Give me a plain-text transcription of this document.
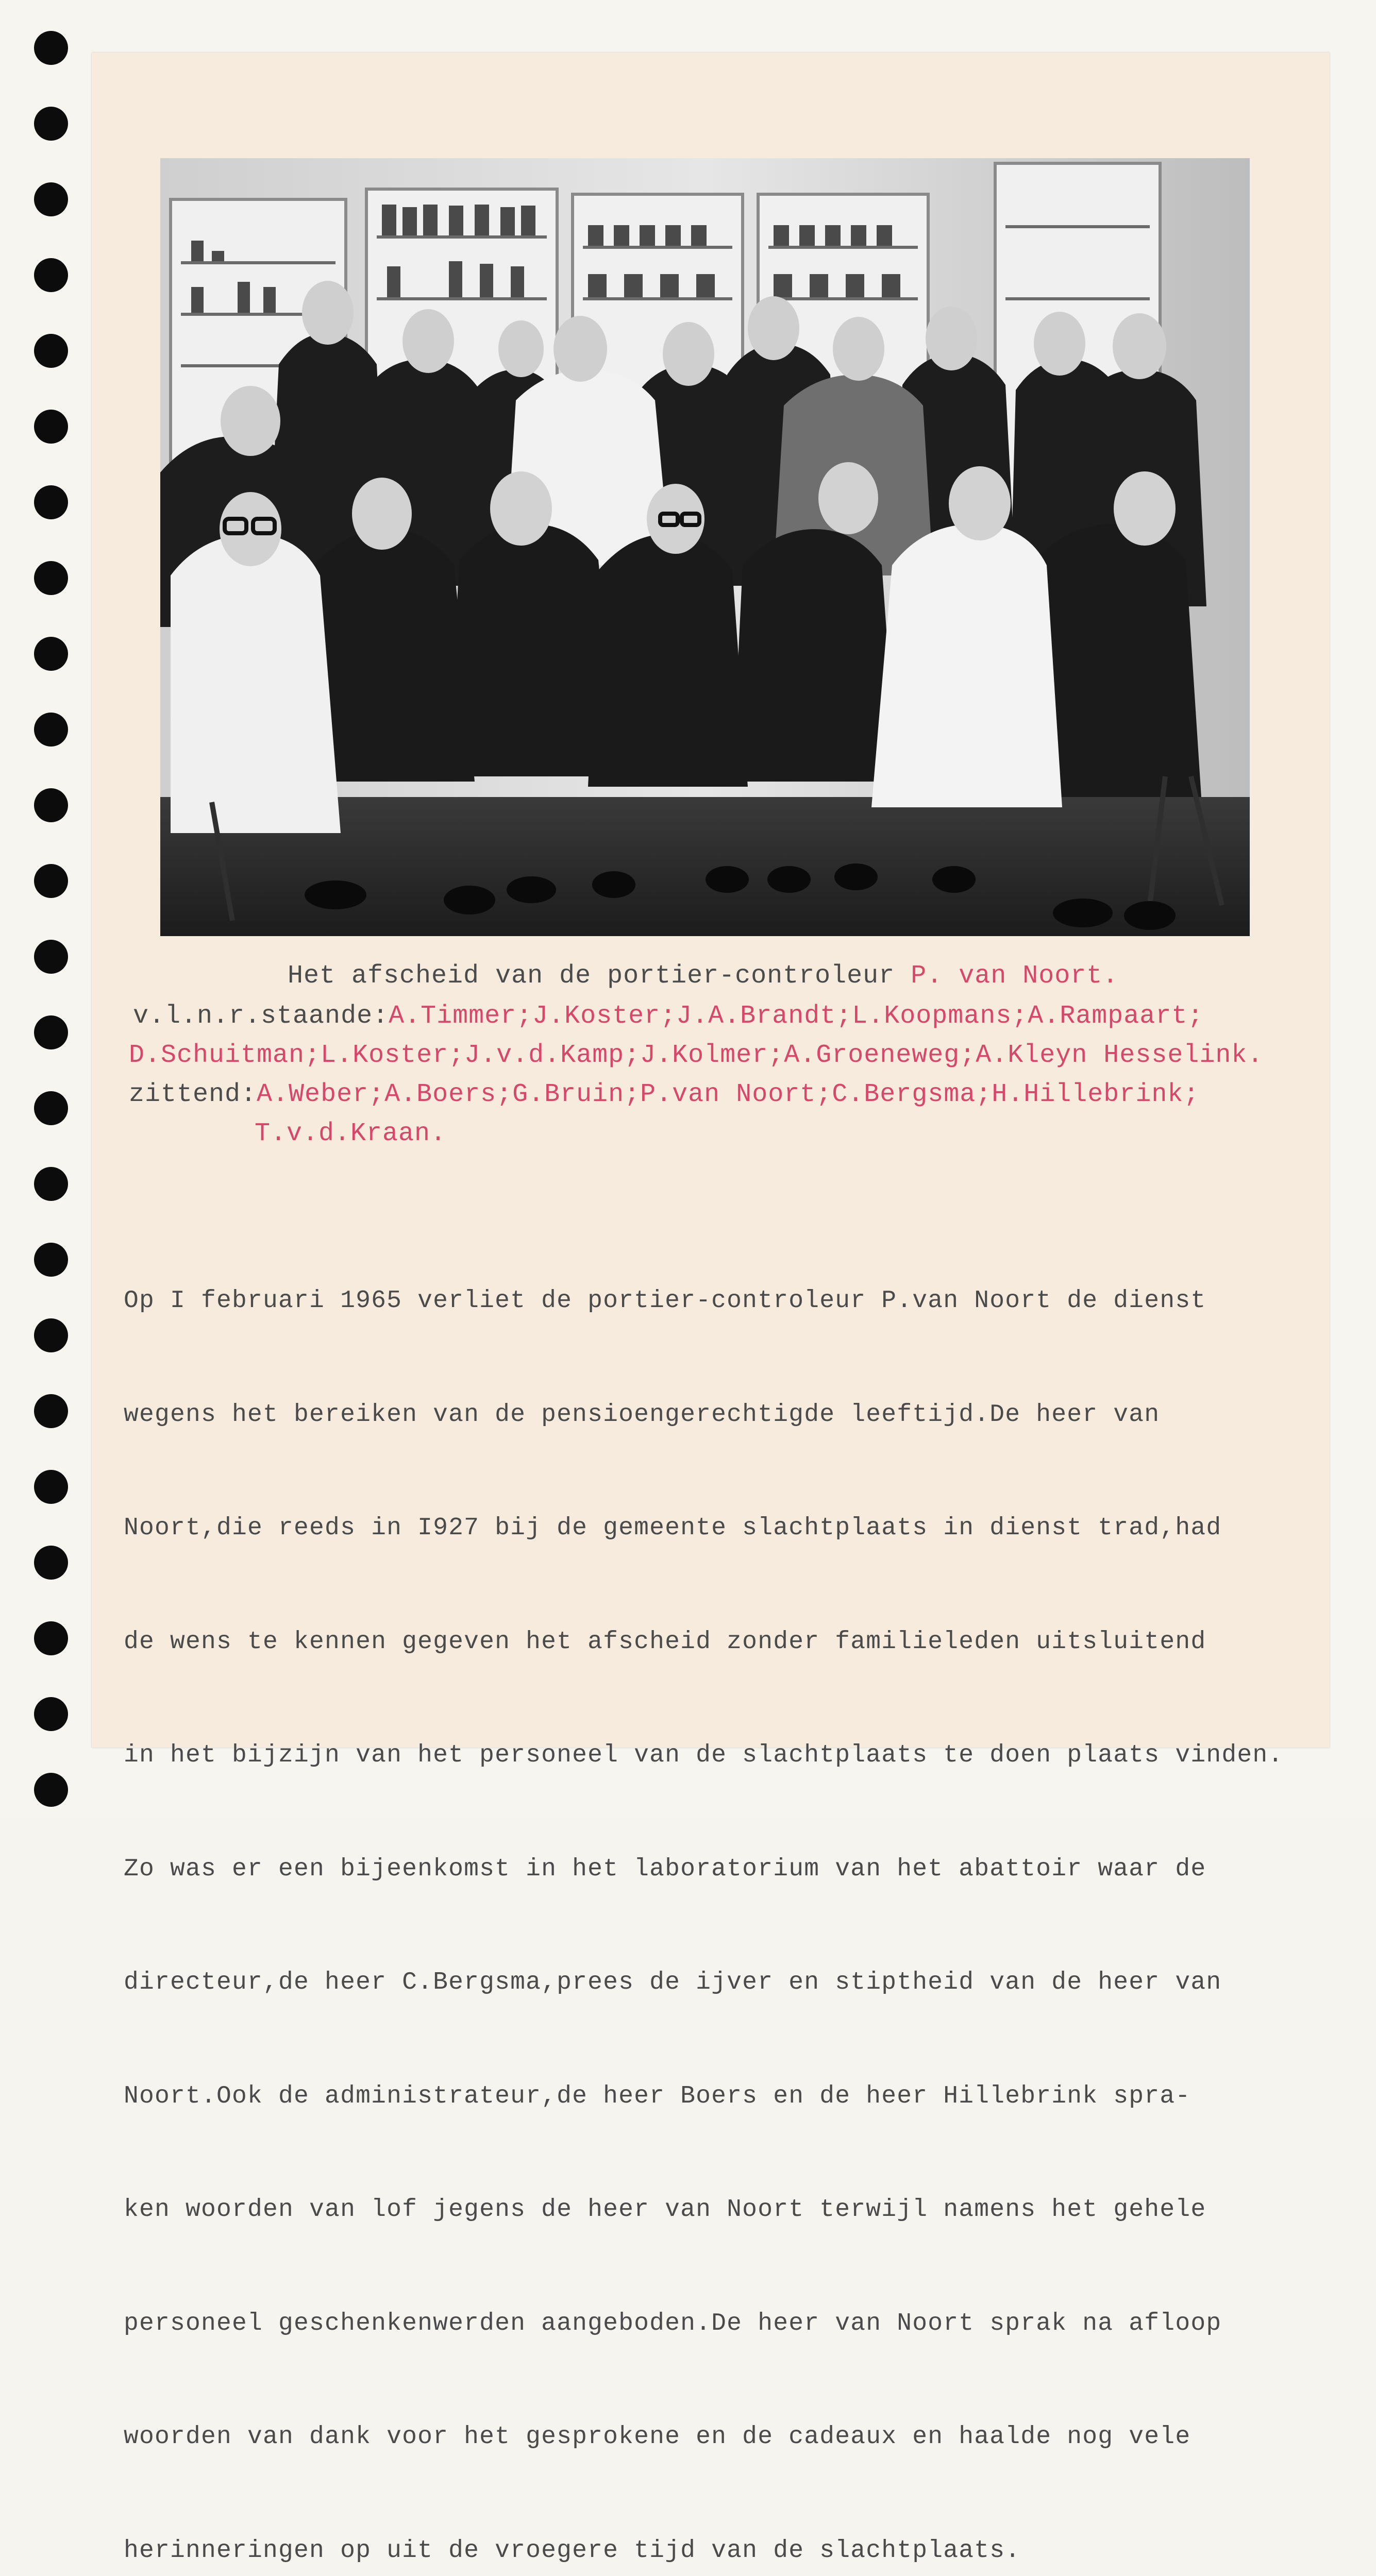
Het afscheid van de portier-controleur P. van Noort.
v.l.n.r.staande:A.Timmer;J.Koster;J.A.Brandt;L.Koopmans;A.Rampaart;
D.Schuitman;L.Koster;J.v.d.Kamp;J.Kolmer;A.Groeneweg;A.Kleyn Hesselink.
zittend:A.Weber;A.Boers;G.Bruin;P.van Noort;C.Bergsma;H.Hillebrink;
T.v.d.Kraan.

Op I februari 1965 verliet de portier-controleur P.van Noort de dienst

wegens het bereiken van de pensioengerechtigde leeftijd.De heer van

Noort,die reeds in I927 bij de gemeente slachtplaats in dienst trad,had

de wens te kennen gegeven het afscheid zonder familieleden uitsluitend

in het bijzijn van het personeel van de slachtplaats te doen plaats vinden.

Zo was er een bijeenkomst in het laboratorium van het abattoir waar de

directeur,de heer C.Bergsma,prees de ijver en stiptheid van de heer van

Noort.Ook de administrateur,de heer Boers en de heer Hillebrink spra-

ken woorden van lof jegens de heer van Noort terwijl namens het gehele

personeel geschenkenwerden aangeboden.De heer van Noort sprak na afloop

woorden van dank voor het gesprokene en de cadeaux en haalde nog vele

herinneringen op uit de vroegere tijd van de slachtplaats.
